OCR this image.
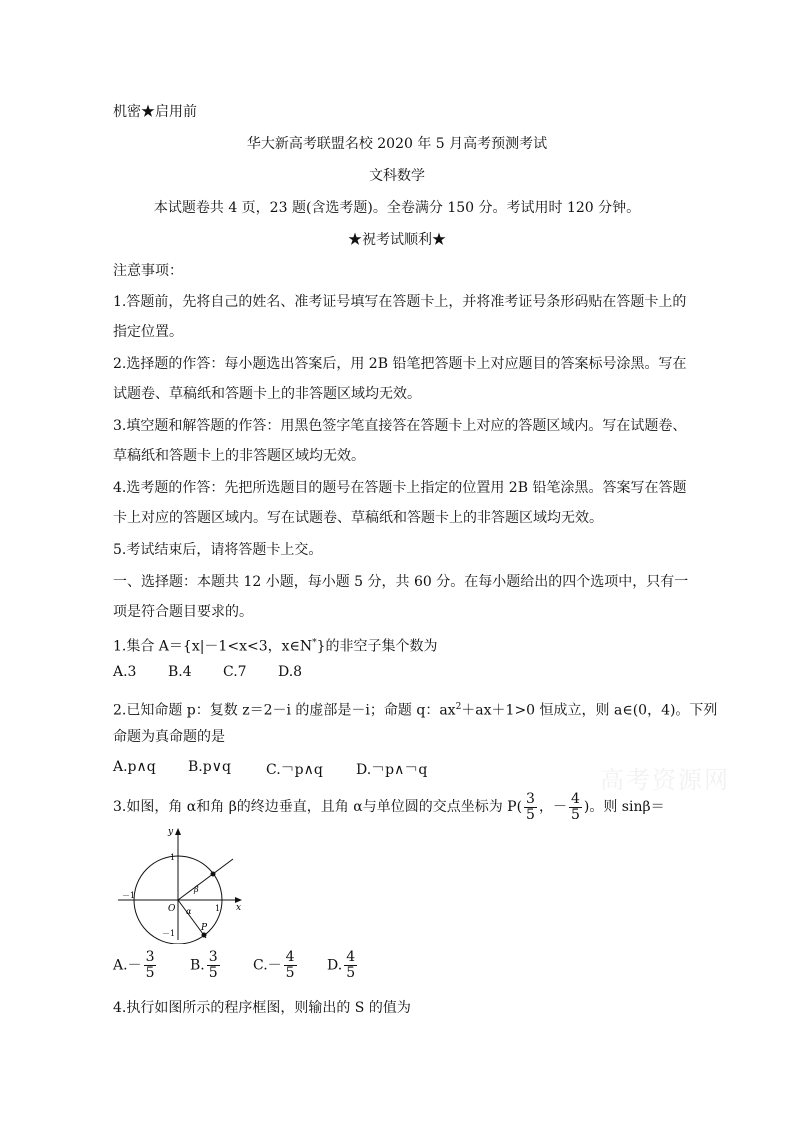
高考资源网
机密★启用前
华大新高考联盟名校 2020 年 5 月高考预测考试
文科数学
本试题卷共 4 页，23 题(含选考题)。全卷满分 150 分。考试用时 120 分钟。
★祝考试顺利★
注意事项：
1.答题前，先将自己的姓名、准考证号填写在答题卡上，并将准考证号条形码贴在答题卡上的
指定位置。
2.选择题的作答：每小题选出答案后，用 2B 铅笔把答题卡上对应题目的答案标号涂黑。写在
试题卷、草稿纸和答题卡上的非答题区域均无效。
3.填空题和解答题的作答：用黑色签字笔直接答在答题卡上对应的答题区域内。写在试题卷、
草稿纸和答题卡上的非答题区域均无效。
4.选考题的作答：先把所选题目的题号在答题卡上指定的位置用 2B 铅笔涂黑。答案写在答题
卡上对应的答题区域内。写在试题卷、草稿纸和答题卡上的非答题区域均无效。
5.考试结束后，请将答题卡上交。
一、选择题：本题共 12 小题，每小题 5 分，共 60 分。在每小题给出的四个选项中，只有一
项是符合题目要求的。
1.集合 A＝{x|－1<x<3，x∈N*}的非空子集个数为
A.3 B.4 C.7 D.8
2.已知命题 p：复数 z＝2－i 的虚部是－i；命题 q：$ax^2+ax+1>0$ 恒成立，则 a∈(0，4)。下列
命题为真命题的是
A.p∧q B.p∨q	C.￢p∧q D.￢p∧￢q
3.如图，角 α和角 β的终边垂直，且角 α与单位圆的交点坐标为 $P( \frac{3}{5}$ ，－ $\frac{4}{5}$ )。则 sinβ＝
y
x
O
1
1
－1
－1
α
β
P
$A.- \frac{3}{5} B$. $\frac{3}{5} C.- \frac{4}{5} D$. $\frac{4}{5}$
4.执行如图所示的程序框图，则输出的 S 的值为
